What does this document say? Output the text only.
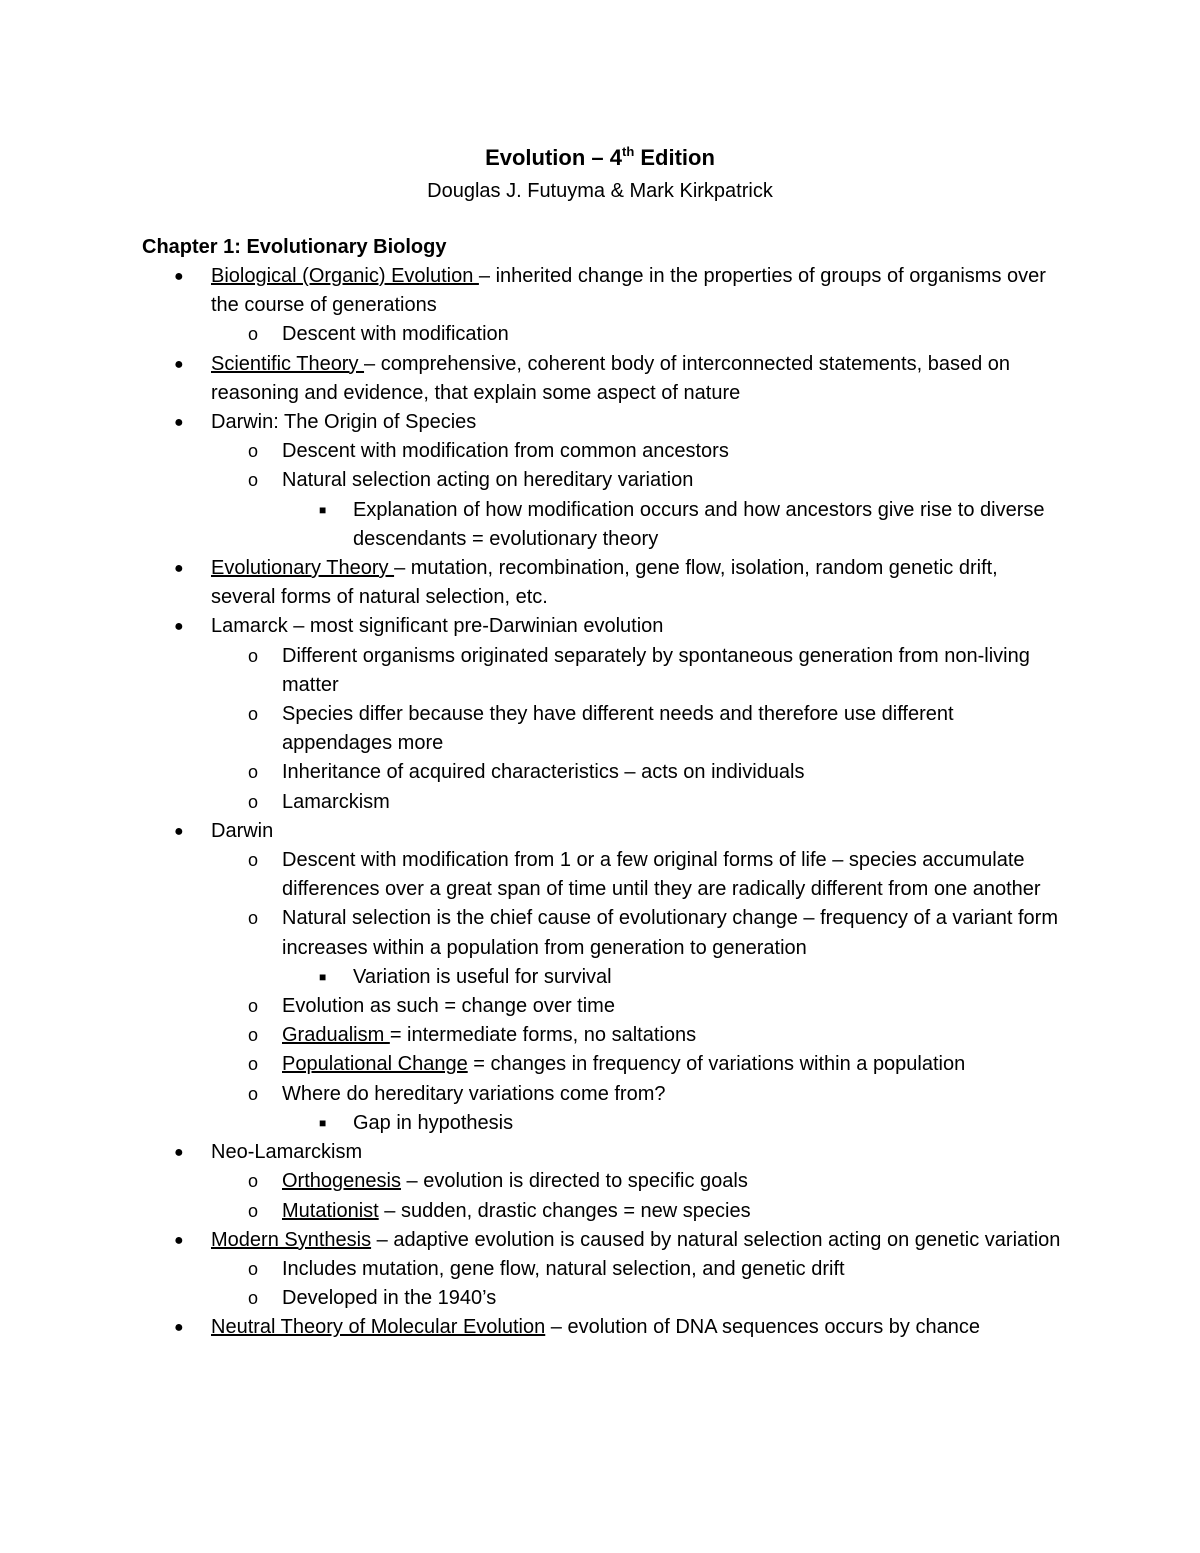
Evolution – 4th Edition
Douglas J. Futuyma & Mark Kirkpatrick
Chapter 1: Evolutionary Biology
● Biological (Organic) Evolution – inherited change in the properties of groups of organisms over the course of generations
o Descent with modification
● Scientific Theory – comprehensive, coherent body of interconnected statements, based on reasoning and evidence, that explain some aspect of nature
● Darwin: The Origin of Species
o Descent with modification from common ancestors
o Natural selection acting on hereditary variation
■ Explanation of how modification occurs and how ancestors give rise to diverse descendants = evolutionary theory
● Evolutionary Theory – mutation, recombination, gene flow, isolation, random genetic drift, several forms of natural selection, etc.
● Lamarck – most significant pre-Darwinian evolution
o Different organisms originated separately by spontaneous generation from non-living matter
o Species differ because they have different needs and therefore use different appendages more
o Inheritance of acquired characteristics – acts on individuals
o Lamarckism
● Darwin
o Descent with modification from 1 or a few original forms of life – species accumulate differences over a great span of time until they are radically different from one another
o Natural selection is the chief cause of evolutionary change – frequency of a variant form increases within a population from generation to generation
■ Variation is useful for survival
o Evolution as such = change over time
o Gradualism = intermediate forms, no saltations
o Populational Change = changes in frequency of variations within a population
o Where do hereditary variations come from?
■ Gap in hypothesis
● Neo-Lamarckism
o Orthogenesis – evolution is directed to specific goals
o Mutationist – sudden, drastic changes = new species
● Modern Synthesis – adaptive evolution is caused by natural selection acting on genetic variation
o Includes mutation, gene flow, natural selection, and genetic drift
o Developed in the 1940’s
● Neutral Theory of Molecular Evolution – evolution of DNA sequences occurs by chance
